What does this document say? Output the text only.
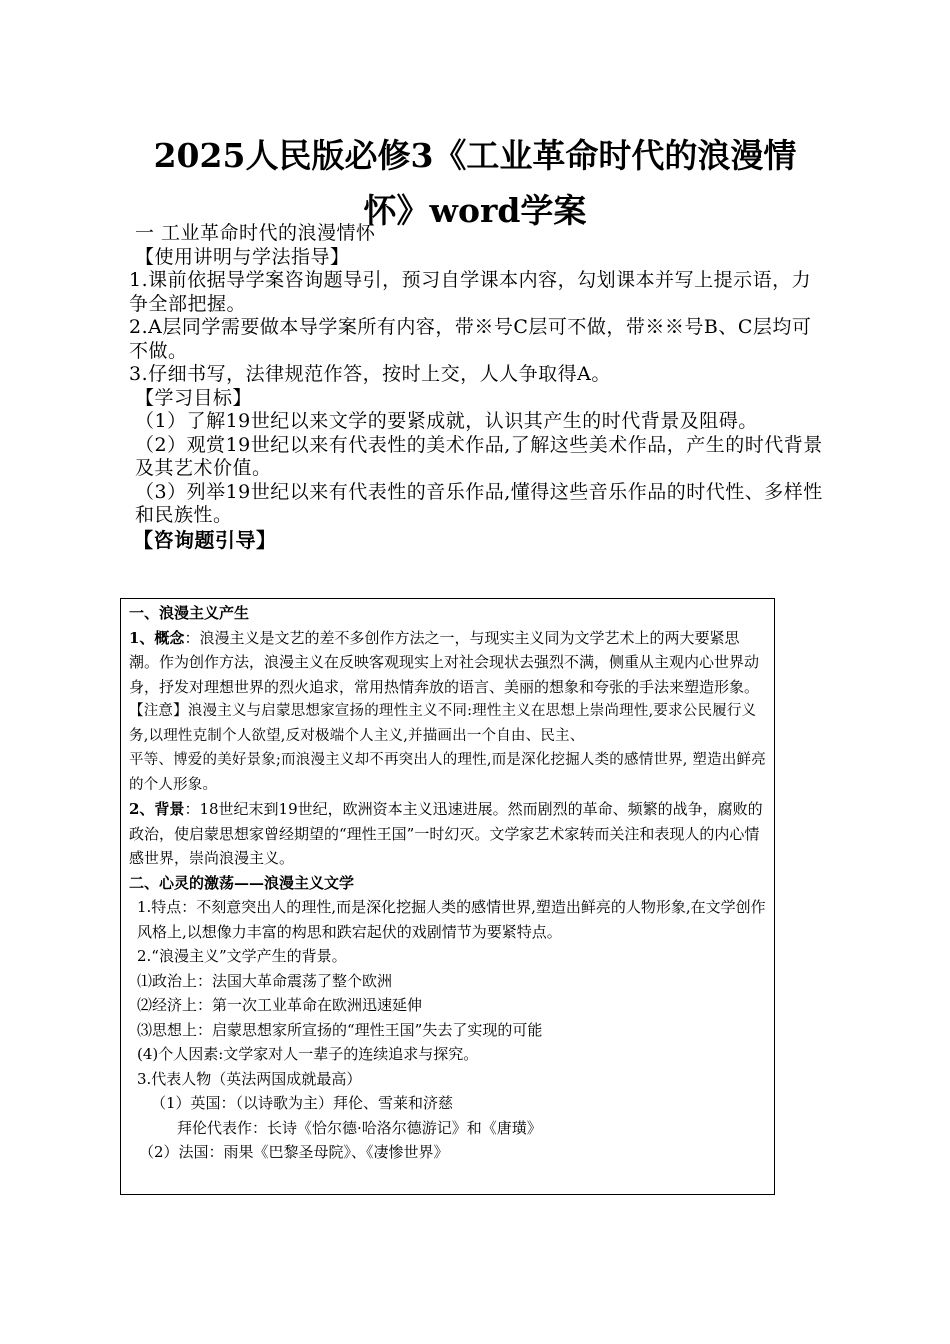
2025人民版必修3《工业革命时代的浪漫情
怀》word学案

一 工业革命时代的浪漫情怀

【使用讲明与学法指导】

1.课前依据导学案咨询题导引，预习自学课本内容，勾划课本并写上提示语，力争全部把握。

2.A层同学需要做本导学案所有内容，带※号C层可不做，带※※号B、C层均可不做。

3.仔细书写，法律规范作答，按时上交，人人争取得A。

【学习目标】

（1）了解19世纪以来文学的要紧成就，认识其产生的时代背景及阻碍。

（2）观赏19世纪以来有代表性的美术作品,了解这些美术作品，产生的时代背景及其艺术价值。

（3）列举19世纪以来有代表性的音乐作品,懂得这些音乐作品的时代性、多样性和民族性。

【咨询题引导】

一、浪漫主义产生

1、概念：浪漫主义是文艺的差不多创作方法之一，与现实主义同为文学艺术上的两大要紧思潮。作为创作方法，浪漫主义在反映客观现实上对社会现状去强烈不满，侧重从主观内心世界动身，抒发对理想世界的烈火追求，常用热情奔放的语言、美丽的想象和夸张的手法来塑造形象。

【注意】浪漫主义与启蒙思想家宣扬的理性主义不同:理性主义在思想上崇尚理性,要求公民履行义务,以理性克制个人欲望,反对极端个人主义,并描画出一个自由、民主、

平等、博爱的美好景象;而浪漫主义却不再突出人的理性,而是深化挖掘人类的感情世界, 塑造出鲜亮的个人形象。

2、背景：18世纪末到19世纪，欧洲资本主义迅速进展。然而剧烈的革命、频繁的战争，腐败的政治，使启蒙思想家曾经期望的“理性王国”一时幻灭。文学家艺术家转而关注和表现人的内心情感世界，崇尚浪漫主义。

二、心灵的激荡——浪漫主义文学

1.特点：不刻意突出人的理性,而是深化挖掘人类的感情世界,塑造出鲜亮的人物形象,在文学创作风格上,以想像力丰富的构思和跌宕起伏的戏剧情节为要紧特点。

2.“浪漫主义”文学产生的背景。

⑴政治上：法国大革命震荡了整个欧洲

⑵经济上：第一次工业革命在欧洲迅速延伸

⑶思想上：启蒙思想家所宣扬的“理性王国”失去了实现的可能

(4)个人因素:文学家对人一辈子的连续追求与探究。

3.代表人物（英法两国成就最高）

（1）英国：（以诗歌为主）拜伦、雪莱和济慈

拜伦代表作：长诗《恰尔德·哈洛尔德游记》和《唐璜》

（2）法国：雨果《巴黎圣母院》、《凄惨世界》
